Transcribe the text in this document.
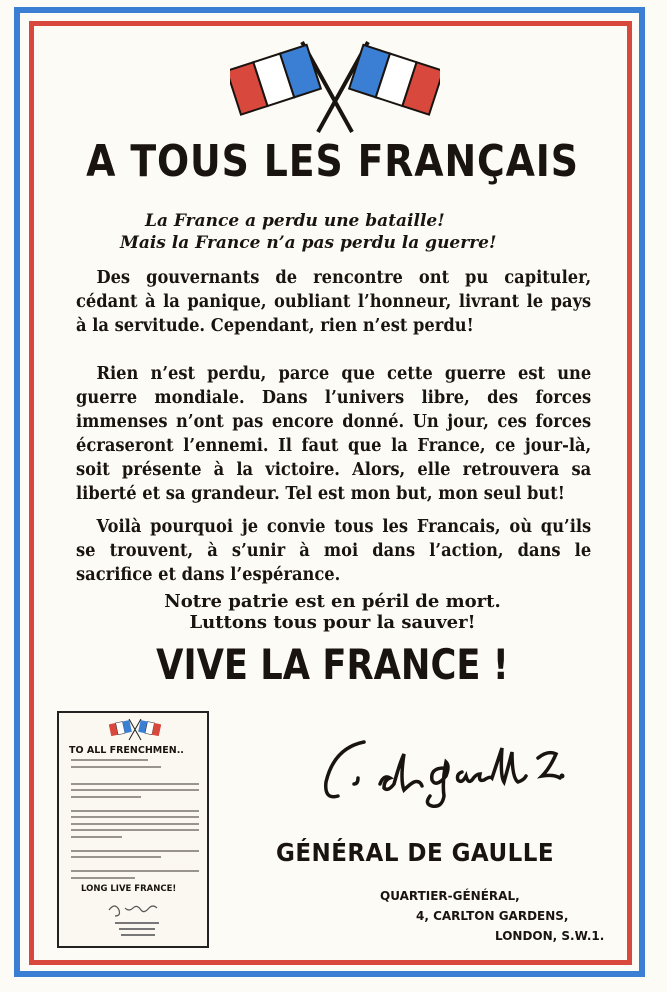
A TOUS LES FRANÇAIS
La France a perdu une bataille!
Mais la France n’a pas perdu la guerre!
Des gouvernants de rencontre ont pu capituler, cédant à la panique, oubliant l’honneur, livrant le pays à la servitude. Cependant, rien n’est perdu!
Rien n’est perdu, parce que cette guerre est une guerre mondiale. Dans l’univers libre, des forces immenses n’ont pas encore donné. Un jour, ces forces écraseront l’ennemi. Il faut que la France, ce jour-là, soit présente à la victoire. Alors, elle retrouvera sa liberté et sa grandeur. Tel est mon but, mon seul but!
Voilà pourquoi je convie tous les Francais, où qu’ils se trouvent, à s’unir à moi dans l’action, dans le sacrifice et dans l’espérance.
Notre patrie est en péril de mort.
Luttons tous pour la sauver!
VIVE LA FRANCE !
TO ALL FRENCHMEN..
LONG LIVE FRANCE!
GÉNÉRAL DE GAULLE
QUARTIER-GÉNÉRAL,
4, CARLTON GARDENS,
LONDON, S.W.1.
